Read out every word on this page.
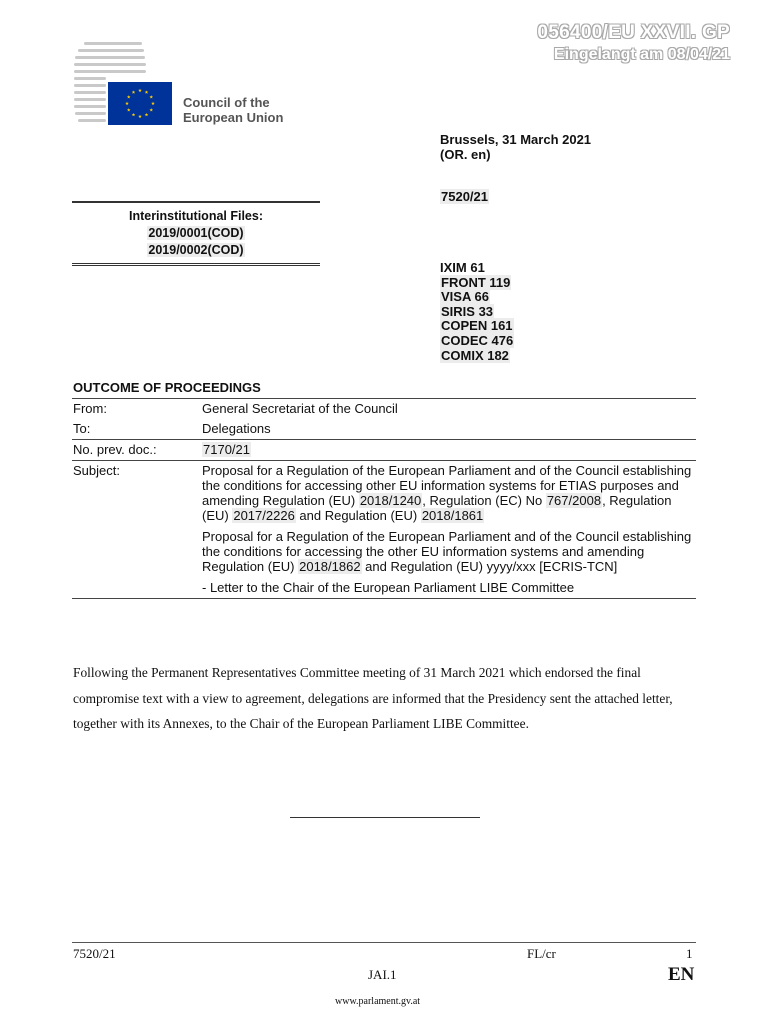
056400/EU XXVII. GP
Eingelangt am 08/04/21
Council of the
European Union
Brussels, 31 March 2021
(OR. en)
7520/21
Interinstitutional Files:
2019/0001(COD)
2019/0002(COD)
IXIM 61
FRONT 119
VISA 66
SIRIS 33
COPEN 161
CODEC 476
COMIX 182
OUTCOME OF PROCEEDINGS
From:	General Secretariat of the Council
To:	Delegations
No. prev. doc.:	7170/21
Subject:	Proposal for a Regulation of the European Parliament and of the Council establishing the conditions for accessing other EU information systems for ETIAS purposes and amending Regulation (EU) 2018/1240, Regulation (EC) No 767/2008, Regulation (EU) 2017/2226 and Regulation (EU) 2018/1861
Proposal for a Regulation of the European Parliament and of the Council establishing the conditions for accessing the other EU information systems and amending Regulation (EU) 2018/1862 and Regulation (EU) yyyy/xxx [ECRIS-TCN]
- Letter to the Chair of the European Parliament LIBE Committee
Following the Permanent Representatives Committee meeting of 31 March 2021 which endorsed the final compromise text with a view to agreement, delegations are informed that the Presidency sent the attached letter, together with its Annexes, to the Chair of the European Parliament LIBE Committee.
7520/21	FL/cr	1
JAI.1	EN
www.parlament.gv.at
